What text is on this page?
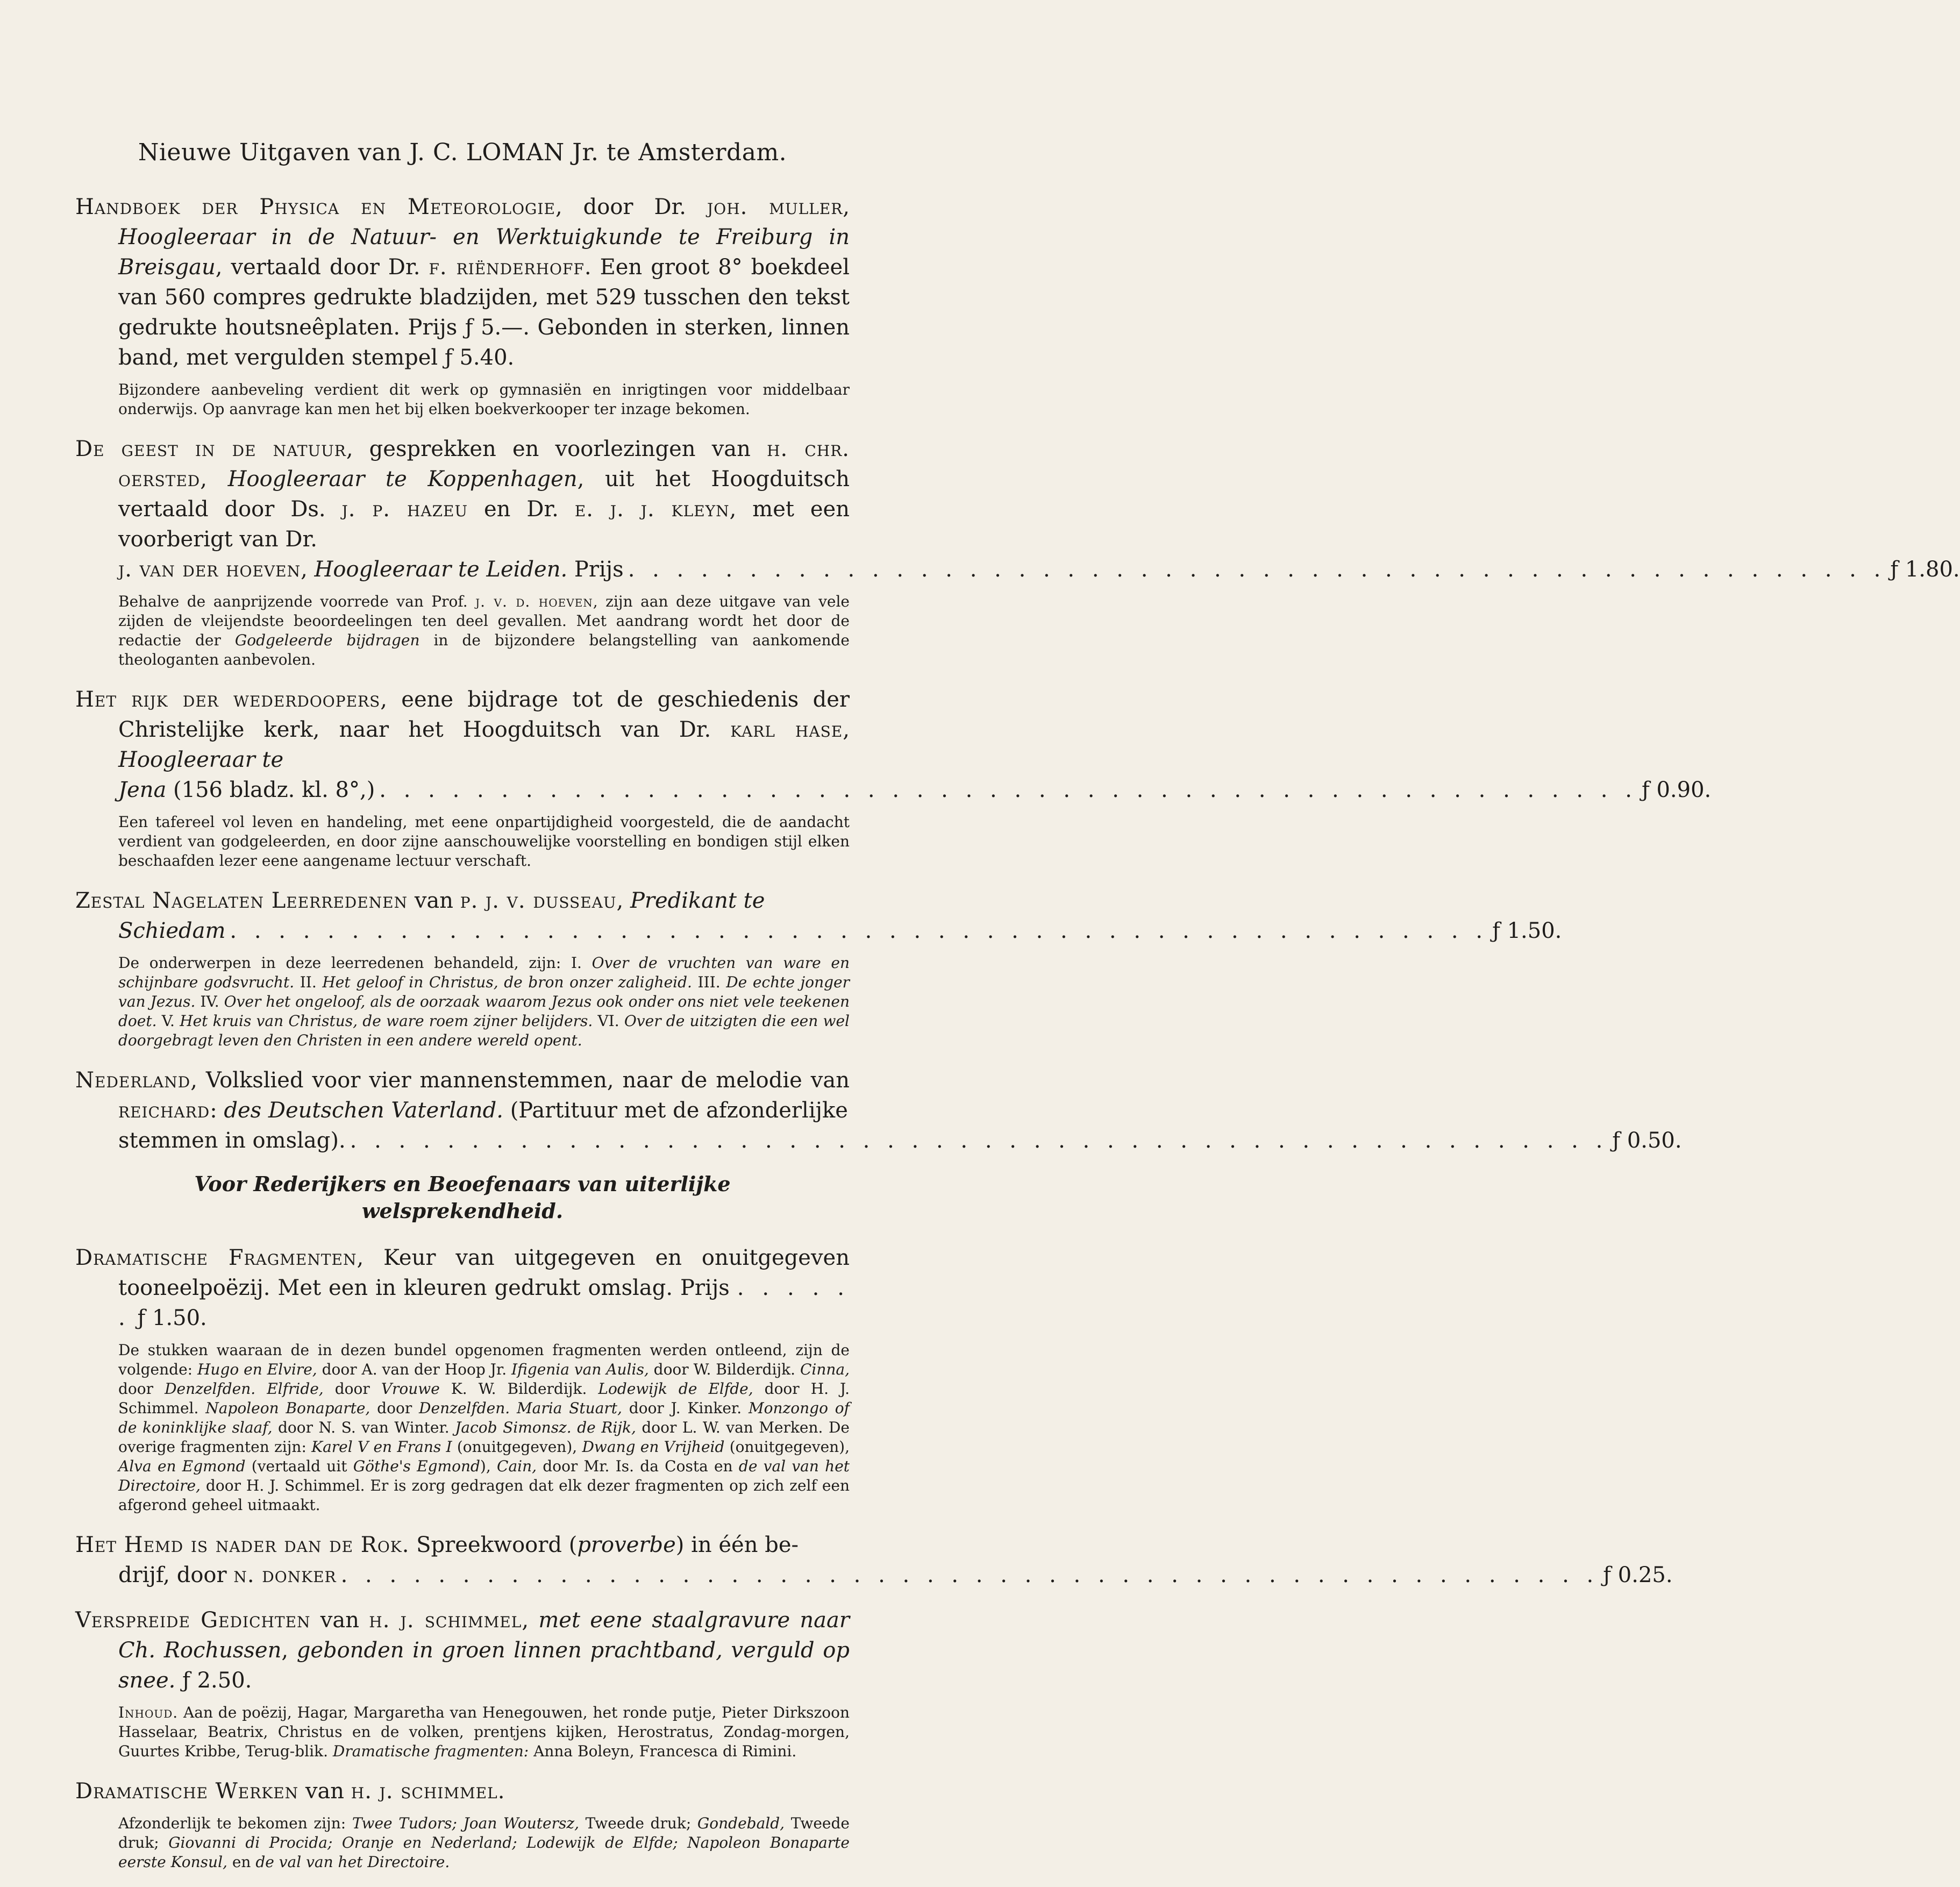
Nieuwe Uitgaven van J. C. LOMAN Jr. te Amsterdam.
Handboek der Physica en Meteorologie, door Dr. joh. muller, Hoogleeraar in de Natuur- en Werktuigkunde te Freiburg in Breisgau, vertaald door Dr. f. riënderhoff. Een groot 8° boekdeel van 560 compres gedrukte bladzijden, met 529 tusschen den tekst gedrukte houtsneêplaten. Prijs ƒ 5.—. Gebonden in sterken, linnen band, met vergulden stempel ƒ 5.40.
Bijzondere aanbeveling verdient dit werk op gymnasiën en inrigtingen voor middelbaar onderwijs. Op aanvrage kan men het bij elken boekverkooper ter inzage bekomen.
De geest in de natuur, gesprekken en voorlezingen van h. chr. oersted, Hoogleeraar te Koppenhagen, uit het Hoogduitsch vertaald door Ds. j. p. hazeu en Dr. e. j. j. kleyn, met een voorberigt van Dr.
j. van der hoeven, Hoogleeraar te Leiden. Prijs . . . . . . . . . . . . . . . . . . . . . . . . . . . . . . . . . . . . . . . . . . . . . . . . . . . . ƒ 1.80.
Behalve de aanprijzende voorrede van Prof. j. v. d. hoeven, zijn aan deze uitgave van vele zijden de vleijendste beoordeelingen ten deel gevallen. Met aandrang wordt het door de redactie der Godgeleerde bijdragen in de bijzondere belangstelling van aankomende theologanten aanbevolen.
Het rijk der wederdoopers, eene bijdrage tot de geschiedenis der Christelijke kerk, naar het Hoogduitsch van Dr. karl hase, Hoogleeraar te
Jena (156 bladz. kl. 8°,) . . . . . . . . . . . . . . . . . . . . . . . . . . . . . . . . . . . . . . . . . . . . . . . . . . . . ƒ 0.90.
Een tafereel vol leven en handeling, met eene onpartijdigheid voorgesteld, die de aandacht verdient van godgeleerden, en door zijne aanschouwelijke voorstelling en bondigen stijl elken beschaafden lezer eene aangename lectuur verschaft.
Zestal Nagelaten Leerredenen van p. j. v. dusseau, Predikant te
Schiedam . . . . . . . . . . . . . . . . . . . . . . . . . . . . . . . . . . . . . . . . . . . . . . . . . . . . ƒ 1.50.
De onderwerpen in deze leerredenen behandeld, zijn: I. Over de vruchten van ware en schijnbare godsvrucht. II. Het geloof in Christus, de bron onzer zaligheid. III. De echte jonger van Jezus. IV. Over het ongeloof, als de oorzaak waarom Jezus ook onder ons niet vele teekenen doet. V. Het kruis van Christus, de ware roem zijner belijders. VI. Over de uitzigten die een wel doorgebragt leven den Christen in een andere wereld opent.
Nederland, Volkslied voor vier mannenstemmen, naar de melodie van reichard: des Deutschen Vaterland. (Partituur met de afzonderlijke
stemmen in omslag). . . . . . . . . . . . . . . . . . . . . . . . . . . . . . . . . . . . . . . . . . . . . . . . . . . . . ƒ 0.50.
Voor Rederijkers en Beoefenaars van uiterlijke
welsprekendheid.
Dramatische Fragmenten, Keur van uitgegeven en onuitgegeven tooneelpoëzij. Met een in kleuren gedrukt omslag. Prijs . . . . . . ƒ 1.50.
De stukken waaraan de in dezen bundel opgenomen fragmenten werden ontleend, zijn de volgende: Hugo en Elvire, door A. van der Hoop Jr. Ifigenia van Aulis, door W. Bilderdijk. Cinna, door Denzelfden. Elfride, door Vrouwe K. W. Bilderdijk. Lodewijk de Elfde, door H. J. Schimmel. Napoleon Bonaparte, door Denzelfden. Maria Stuart, door J. Kinker. Monzongo of de koninklijke slaaf, door N. S. van Winter. Jacob Simonsz. de Rijk, door L. W. van Merken. De overige fragmenten zijn: Karel V en Frans I (onuitgegeven), Dwang en Vrijheid (onuitgegeven), Alva en Egmond (vertaald uit Göthe's Egmond), Cain, door Mr. Is. da Costa en de val van het Directoire, door H. J. Schimmel. Er is zorg gedragen dat elk dezer fragmenten op zich zelf een afgerond geheel uitmaakt.
Het Hemd is nader dan de Rok. Spreekwoord (proverbe) in één be-
drijf, door n. donker . . . . . . . . . . . . . . . . . . . . . . . . . . . . . . . . . . . . . . . . . . . . . . . . . . . . ƒ 0.25.
Verspreide Gedichten van h. j. schimmel, met eene staalgravure naar Ch. Rochussen, gebonden in groen linnen prachtband, verguld op snee. ƒ 2.50.
Inhoud. Aan de poëzij, Hagar, Margaretha van Henegouwen, het ronde putje, Pieter Dirkszoon Hasselaar, Beatrix, Christus en de volken, prentjens kijken, Herostratus, Zondag-morgen, Guurtes Kribbe, Terug-blik. Dramatische fragmenten: Anna Boleyn, Francesca di Rimini.
Dramatische Werken van h. j. schimmel.
Afzonderlijk te bekomen zijn: Twee Tudors; Joan Woutersz, Tweede druk; Gondebald, Tweede druk; Giovanni di Procida; Oranje en Nederland; Lodewijk de Elfde; Napoleon Bonaparte eerste Konsul, en de val van het Directoire.
